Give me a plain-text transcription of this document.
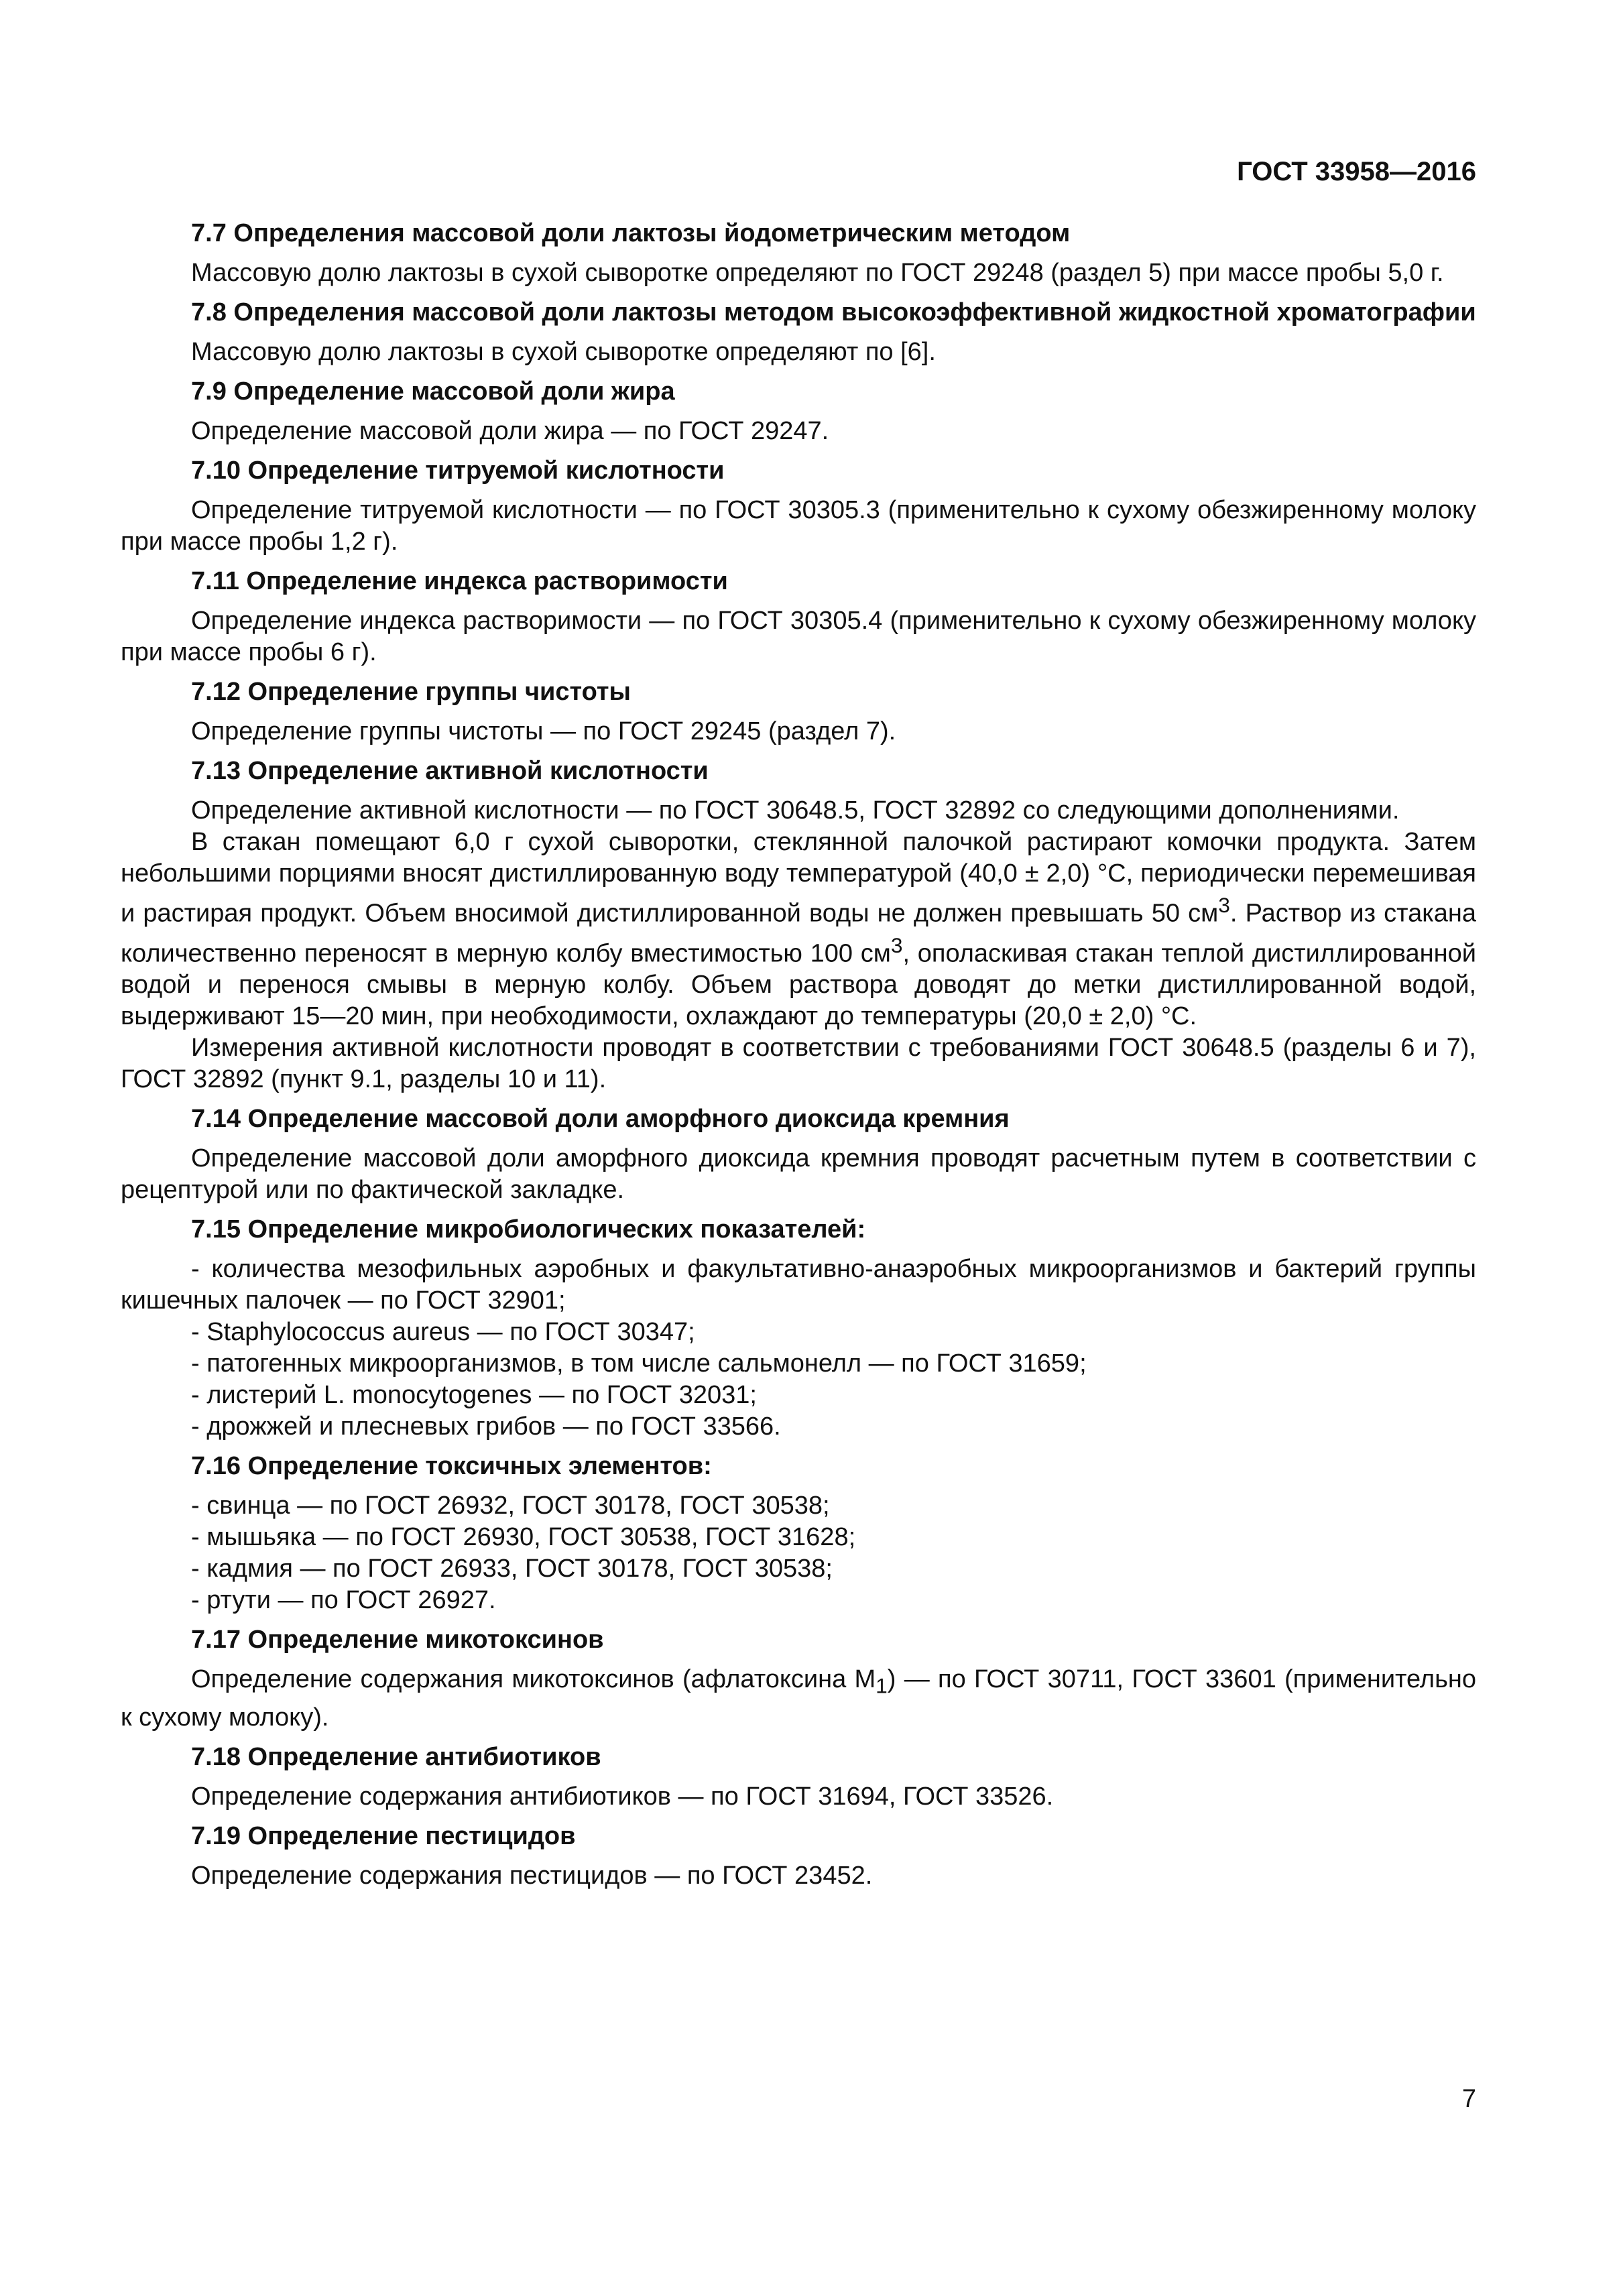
ГОСТ 33958—2016
7.7 Определения массовой доли лактозы йодометрическим методом

Массовую долю лактозы в сухой сыворотке определяют по ГОСТ 29248 (раздел 5) при массе пробы 5,0 г.

7.8 Определения массовой доли лактозы методом высокоэффективной жидкостной хроматографии

Массовую долю лактозы в сухой сыворотке определяют по [6].

7.9 Определение массовой доли жира

Определение массовой доли жира — по ГОСТ 29247.

7.10 Определение титруемой кислотности

Определение титруемой кислотности — по ГОСТ 30305.3 (применительно к сухому обезжиренному молоку при массе пробы 1,2 г).

7.11 Определение индекса растворимости

Определение индекса растворимости — по ГОСТ 30305.4 (применительно к сухому обезжиренному молоку при массе пробы 6 г).

7.12 Определение группы чистоты

Определение группы чистоты — по ГОСТ 29245 (раздел 7).

7.13 Определение активной кислотности

Определение активной кислотности — по ГОСТ 30648.5, ГОСТ 32892 со следующими дополнениями.

В стакан помещают 6,0 г сухой сыворотки, стеклянной палочкой растирают комочки продукта. Затем небольшими порциями вносят дистиллированную воду температурой (40,0 ± 2,0) °С, периодически перемешивая и растирая продукт. Объем вносимой дистиллированной воды не должен превышать 50 $см^3$. Раствор из стакана количественно переносят в мерную колбу вместимостью 100 $см^3$, ополаскивая стакан теплой дистиллированной водой и перенося смывы в мерную колбу. Объем раствора доводят до метки дистиллированной водой, выдерживают 15—20 мин, при необходимости, охлаждают до температуры (20,0 ± 2,0) °С.

Измерения активной кислотности проводят в соответствии с требованиями ГОСТ 30648.5 (разделы 6 и 7), ГОСТ 32892 (пункт 9.1, разделы 10 и 11).

7.14 Определение массовой доли аморфного диоксида кремния

Определение массовой доли аморфного диоксида кремния проводят расчетным путем в соответствии с рецептурой или по фактической закладке.

7.15 Определение микробиологических показателей:
- количества мезофильных аэробных и факультативно-анаэробных микроорганизмов и бактерий группы кишечных палочек — по ГОСТ 32901;
- Staphylococcus aureus — по ГОСТ 30347;
- патогенных микроорганизмов, в том числе сальмонелл — по ГОСТ 31659;
- листерий L. monocytogenes — по ГОСТ 32031;
- дрожжей и плесневых грибов — по ГОСТ 33566.
7.16 Определение токсичных элементов:
- свинца — по ГОСТ 26932, ГОСТ 30178, ГОСТ 30538;
- мышьяка — по ГОСТ 26930, ГОСТ 30538, ГОСТ 31628;
- кадмия — по ГОСТ 26933, ГОСТ 30178, ГОСТ 30538;
- ртути — по ГОСТ 26927.
7.17 Определение микотоксинов

Определение содержания микотоксинов (афлатоксина $М_1$) — по ГОСТ 30711, ГОСТ 33601 (применительно к сухому молоку).

7.18 Определение антибиотиков

Определение содержания антибиотиков — по ГОСТ 31694, ГОСТ 33526.

7.19 Определение пестицидов

Определение содержания пестицидов — по ГОСТ 23452.

7
